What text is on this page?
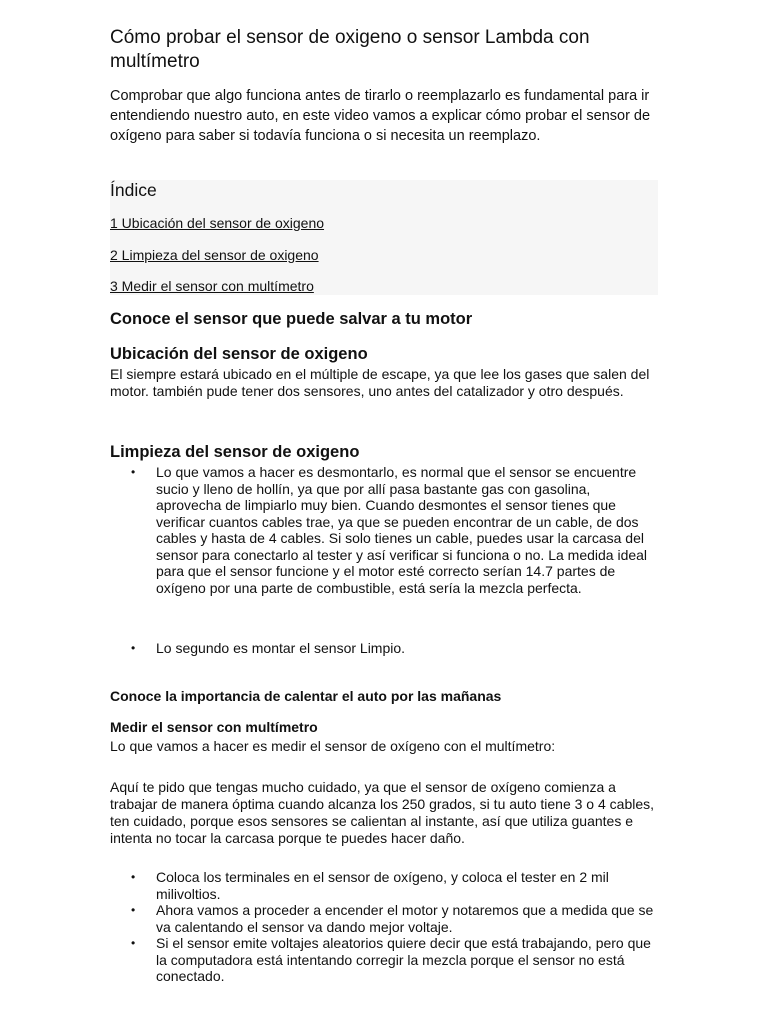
Cómo probar el sensor de oxigeno o sensor Lambda con multímetro

Comprobar que algo funciona antes de tirarlo o reemplazarlo es fundamental para ir entendiendo nuestro auto, en este video vamos a explicar cómo probar el sensor de oxígeno para saber si todavía funciona o si necesita un reemplazo.

Índice
1 Ubicación del sensor de oxigeno
2 Limpieza del sensor de oxigeno
3 Medir el sensor con multímetro
Conoce el sensor que puede salvar a tu motor
Ubicación del sensor de oxigeno

El siempre estará ubicado en el múltiple de escape, ya que lee los gases que salen del motor. también pude tener dos sensores, uno antes del catalizador y otro después.

Limpieza del sensor de oxigeno
• Lo que vamos a hacer es desmontarlo, es normal que el sensor se encuentre sucio y lleno de hollín, ya que por allí pasa bastante gas con gasolina, aprovecha de limpiarlo muy bien. Cuando desmontes el sensor tienes que verificar cuantos cables trae, ya que se pueden encontrar de un cable, de dos cables y hasta de 4 cables. Si solo tienes un cable, puedes usar la carcasa del sensor para conectarlo al tester y así verificar si funciona o no. La medida ideal para que el sensor funcione y el motor esté correcto serían 14.7 partes de oxígeno por una parte de combustible, está sería la mezcla perfecta.
• Lo segundo es montar el sensor Limpio.
Conoce la importancia de calentar el auto por las mañanas
Medir el sensor con multímetro

Lo que vamos a hacer es medir el sensor de oxígeno con el multímetro:

Aquí te pido que tengas mucho cuidado, ya que el sensor de oxígeno comienza a trabajar de manera óptima cuando alcanza los 250 grados, si tu auto tiene 3 o 4 cables, ten cuidado, porque esos sensores se calientan al instante, así que utiliza guantes e intenta no tocar la carcasa porque te puedes hacer daño.

• Coloca los terminales en el sensor de oxígeno, y coloca el tester en 2 mil milivoltios.
• Ahora vamos a proceder a encender el motor y notaremos que a medida que se va calentando el sensor va dando mejor voltaje.
• Si el sensor emite voltajes aleatorios quiere decir que está trabajando, pero que la computadora está intentando corregir la mezcla porque el sensor no está conectado.
